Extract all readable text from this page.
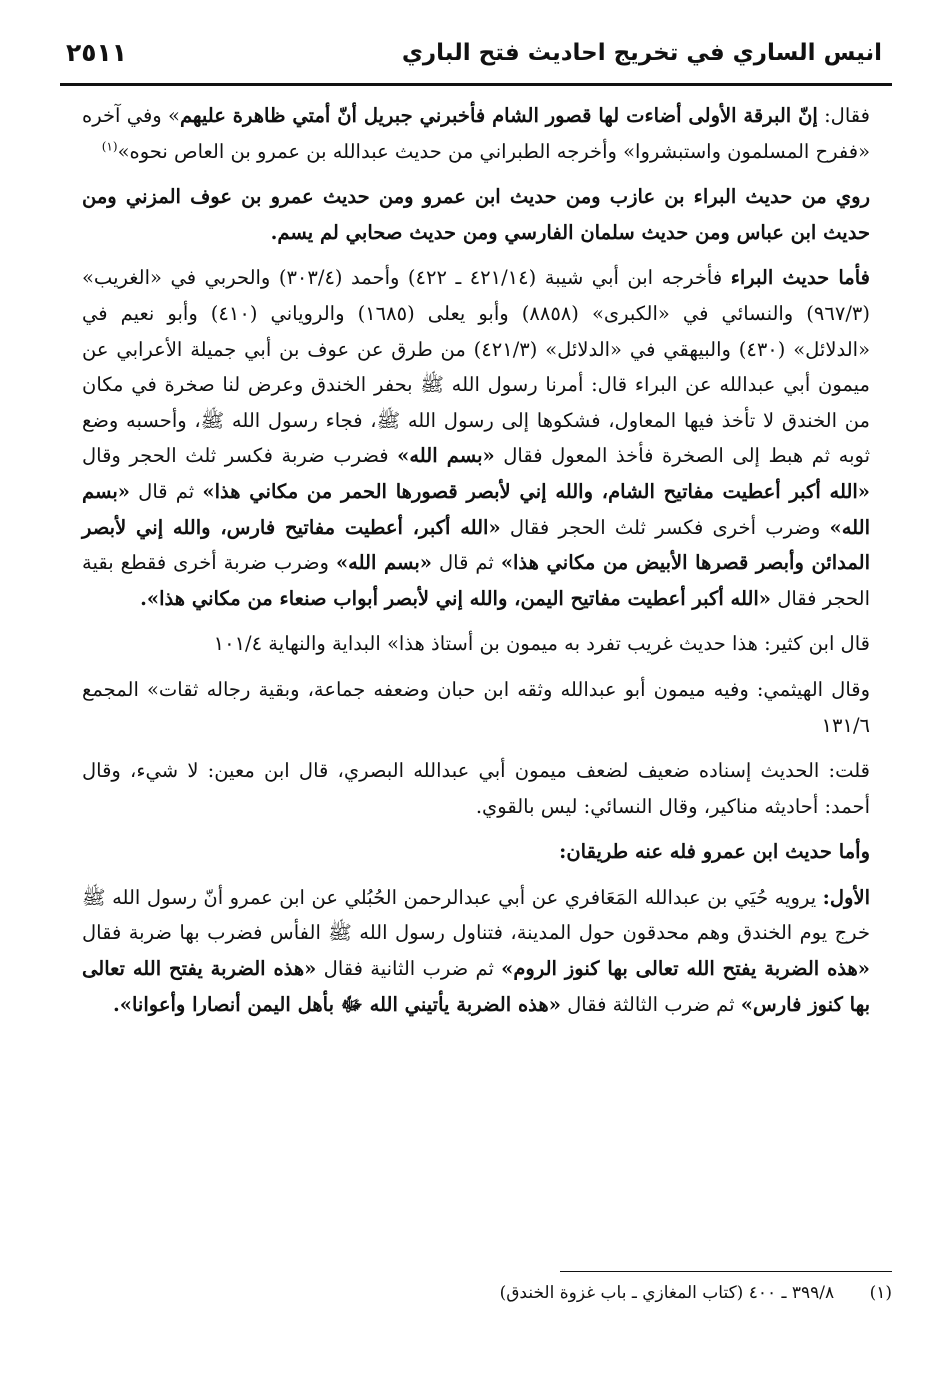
انيس الساري في تخريج احاديث فتح الباري
٢٥١١

فقال: إنّ البرقة الأولى أضاءت لها قصور الشام فأخبرني جبريل أنّ أمتي ظاهرة عليهم» وفي آخره «ففرح المسلمون واستبشروا» وأخرجه الطبراني من حديث عبدالله بن عمرو بن العاص نحوه»$^{(١)}$

روي من حديث البراء بن عازب ومن حديث ابن عمرو ومن حديث عمرو بن عوف المزني ومن حديث ابن عباس ومن حديث سلمان الفارسي ومن حديث صحابي لم يسم.

فأما حديث البراء فأخرجه ابن أبي شيبة (٤٢١/١٤ ـ ٤٢٢) وأحمد (٣٠٣/٤) والحربي في «الغريب» (٩٦٧/٣) والنسائي في «الكبرى» (٨٨٥٨) وأبو يعلى (١٦٨٥) والروياني (٤١٠) وأبو نعيم في «الدلائل» (٤٣٠) والبيهقي في «الدلائل» (٤٢١/٣) من طرق عن عوف بن أبي جميلة الأعرابي عن ميمون أبي عبدالله عن البراء قال: أمرنا رسول الله ﷺ بحفر الخندق وعرض لنا صخرة في مكان من الخندق لا تأخذ فيها المعاول، فشكوها إلى رسول الله ﷺ، فجاء رسول الله ﷺ، وأحسبه وضع ثوبه ثم هبط إلى الصخرة فأخذ المعول فقال «بسم الله» فضرب ضربة فكسر ثلث الحجر وقال «الله أكبر أعطيت مفاتيح الشام، والله إني لأبصر قصورها الحمر من مكاني هذا» ثم قال «بسم الله» وضرب أخرى فكسر ثلث الحجر فقال «الله أكبر، أعطيت مفاتيح فارس، والله إني لأبصر المدائن وأبصر قصرها الأبيض من مكاني هذا» ثم قال «بسم الله» وضرب ضربة أخرى فقطع بقية الحجر فقال «الله أكبر أعطيت مفاتيح اليمن، والله إني لأبصر أبواب صنعاء من مكاني هذا».

قال ابن كثير: هذا حديث غريب تفرد به ميمون بن أستاذ هذا» البداية والنهاية ١٠١/٤

وقال الهيثمي: وفيه ميمون أبو عبدالله وثقه ابن حبان وضعفه جماعة، وبقية رجاله ثقات» المجمع ١٣١/٦

قلت: الحديث إسناده ضعيف لضعف ميمون أبي عبدالله البصري، قال ابن معين: لا شيء، وقال أحمد: أحاديثه مناكير، وقال النسائي: ليس بالقوي.

وأما حديث ابن عمرو فله عنه طريقان:

الأول: يرويه حُيَي بن عبدالله المَعَافري عن أبي عبدالرحمن الحُبُلي عن ابن عمرو أنّ رسول الله ﷺ خرج يوم الخندق وهم محدقون حول المدينة، فتناول رسول الله ﷺ الفأس فضرب بها ضربة فقال «هذه الضربة يفتح الله تعالى بها كنوز الروم» ثم ضرب الثانية فقال «هذه الضربة يفتح الله تعالى بها كنوز فارس» ثم ضرب الثالثة فقال «هذه الضربة يأتيني الله ﷻ بأهل اليمن أنصارا وأعوانا».

(١) ٣٩٩/٨ ـ ٤٠٠ (كتاب المغازي ـ باب غزوة الخندق)
